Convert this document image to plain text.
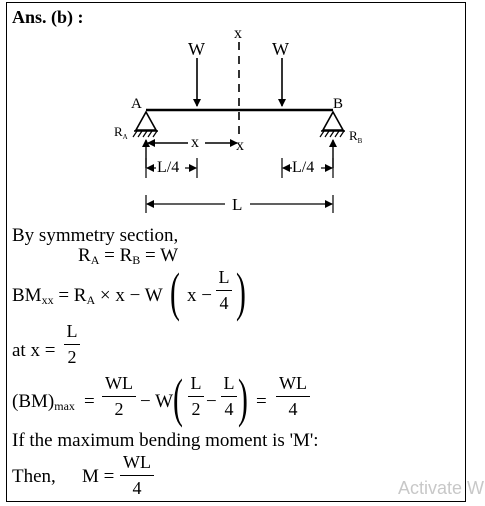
Ans. (b) :
W	W
x
x
A	B
$R_A$	$R_B$
x
L/4	L/4
L
By symmetry section,
$R_A = R_B = W$
$BM_{xx} = R_A \times x - W$ ( x −
L
4 )
at x =
L
2
$(BM)_{max}$ =
WL
2 − W ( L
2 −
L
4 ) =
WL
4
If the maximum bending moment is 'M':
Then, M =
WL
4	Activate W
